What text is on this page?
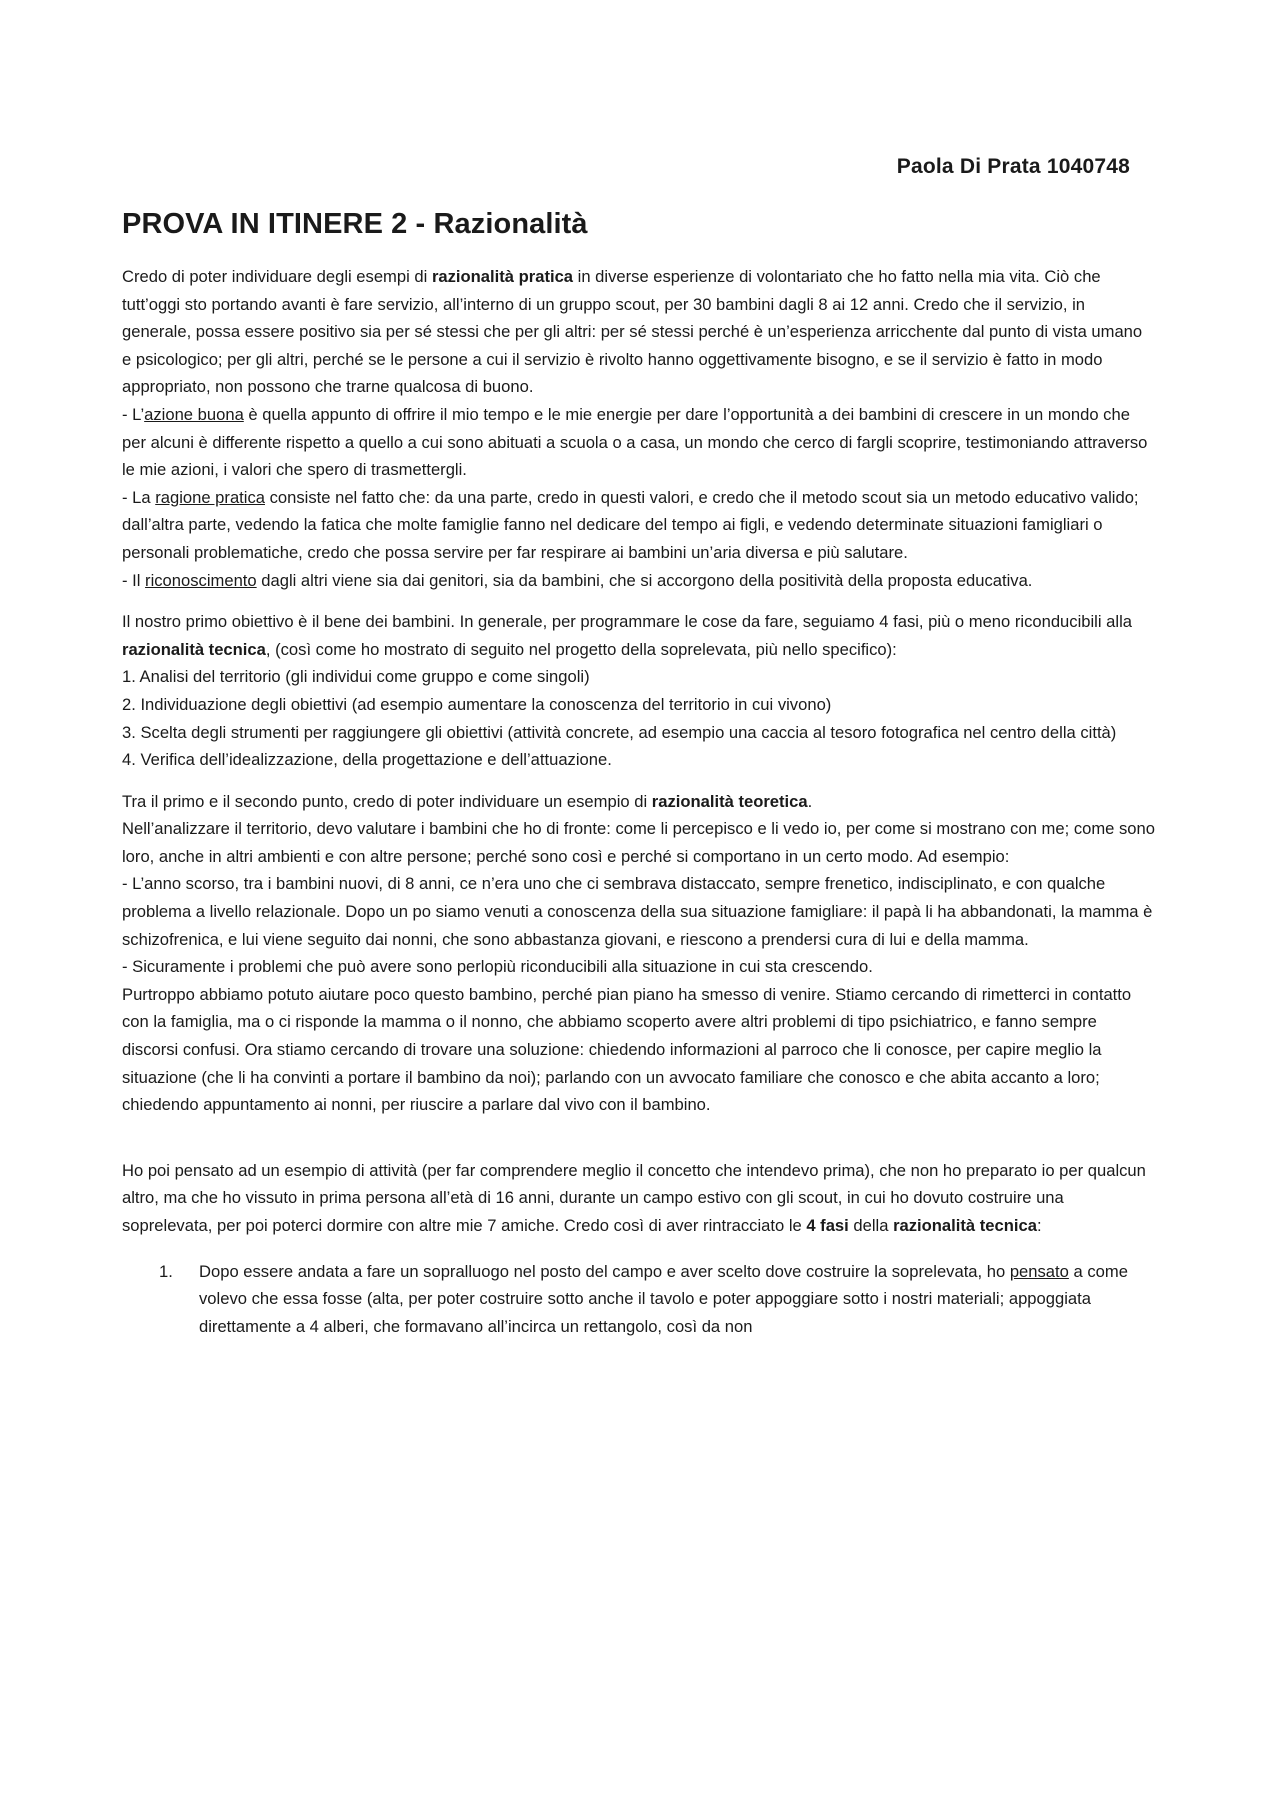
Paola Di Prata 1040748
PROVA IN ITINERE 2 - Razionalità
Credo di poter individuare degli esempi di razionalità pratica in diverse esperienze di volontariato che ho fatto nella mia vita. Ciò che tutt’oggi sto portando avanti è fare servizio, all’interno di un gruppo scout, per 30 bambini dagli 8 ai 12 anni. Credo che il servizio, in generale, possa essere positivo sia per sé stessi che per gli altri: per sé stessi perché è un’esperienza arricchente dal punto di vista umano e psicologico; per gli altri, perché se le persone a cui il servizio è rivolto hanno oggettivamente bisogno, e se il servizio è fatto in modo appropriato, non possono che trarne qualcosa di buono.
- L’azione buona è quella appunto di offrire il mio tempo e le mie energie per dare l’opportunità a dei bambini di crescere in un mondo che per alcuni è differente rispetto a quello a cui sono abituati a scuola o a casa, un mondo che cerco di fargli scoprire, testimoniando attraverso le mie azioni, i valori che spero di trasmettergli.
- La ragione pratica consiste nel fatto che: da una parte, credo in questi valori, e credo che il metodo scout sia un metodo educativo valido; dall’altra parte, vedendo la fatica che molte famiglie fanno nel dedicare del tempo ai figli, e vedendo determinate situazioni famigliari o personali problematiche, credo che possa servire per far respirare ai bambini un’aria diversa e più salutare.
- Il riconoscimento dagli altri viene sia dai genitori, sia da bambini, che si accorgono della positività della proposta educativa.
Il nostro primo obiettivo è il bene dei bambini. In generale, per programmare le cose da fare, seguiamo 4 fasi, più o meno riconducibili alla razionalità tecnica, (così come ho mostrato di seguito nel progetto della soprelevata, più nello specifico):
1. Analisi del territorio (gli individui come gruppo e come singoli)
2. Individuazione degli obiettivi (ad esempio aumentare la conoscenza del territorio in cui vivono)
3. Scelta degli strumenti per raggiungere gli obiettivi (attività concrete, ad esempio una caccia al tesoro fotografica nel centro della città)
4. Verifica dell’idealizzazione, della progettazione e dell’attuazione.
Tra il primo e il secondo punto, credo di poter individuare un esempio di razionalità teoretica.
Nell’analizzare il territorio, devo valutare i bambini che ho di fronte: come li percepisco e li vedo io, per come si mostrano con me; come sono loro, anche in altri ambienti e con altre persone; perché sono così e perché si comportano in un certo modo. Ad esempio:
- L’anno scorso, tra i bambini nuovi, di 8 anni, ce n’era uno che ci sembrava distaccato, sempre frenetico, indisciplinato, e con qualche problema a livello relazionale. Dopo un po siamo venuti a conoscenza della sua situazione famigliare: il papà li ha abbandonati, la mamma è schizofrenica, e lui viene seguito dai nonni, che sono abbastanza giovani, e riescono a prendersi cura di lui e della mamma.
- Sicuramente i problemi che può avere sono perlopiù riconducibili alla situazione in cui sta crescendo.
Purtroppo abbiamo potuto aiutare poco questo bambino, perché pian piano ha smesso di venire. Stiamo cercando di rimetterci in contatto con la famiglia, ma o ci risponde la mamma o il nonno, che abbiamo scoperto avere altri problemi di tipo psichiatrico, e fanno sempre discorsi confusi. Ora stiamo cercando di trovare una soluzione: chiedendo informazioni al parroco che li conosce, per capire meglio la situazione (che li ha convinti a portare il bambino da noi); parlando con un avvocato familiare che conosco e che abita accanto a loro; chiedendo appuntamento ai nonni, per riuscire a parlare dal vivo con il bambino.
Ho poi pensato ad un esempio di attività (per far comprendere meglio il concetto che intendevo prima), che non ho preparato io per qualcun altro, ma che ho vissuto in prima persona all’età di 16 anni, durante un campo estivo con gli scout, in cui ho dovuto costruire una soprelevata, per poi poterci dormire con altre mie 7 amiche. Credo così di aver rintracciato le 4 fasi della razionalità tecnica:
1. Dopo essere andata a fare un sopralluogo nel posto del campo e aver scelto dove costruire la soprelevata, ho pensato a come volevo che essa fosse (alta, per poter costruire sotto anche il tavolo e poter appoggiare sotto i nostri materiali; appoggiata direttamente a 4 alberi, che formavano all’incirca un rettangolo, così da non
